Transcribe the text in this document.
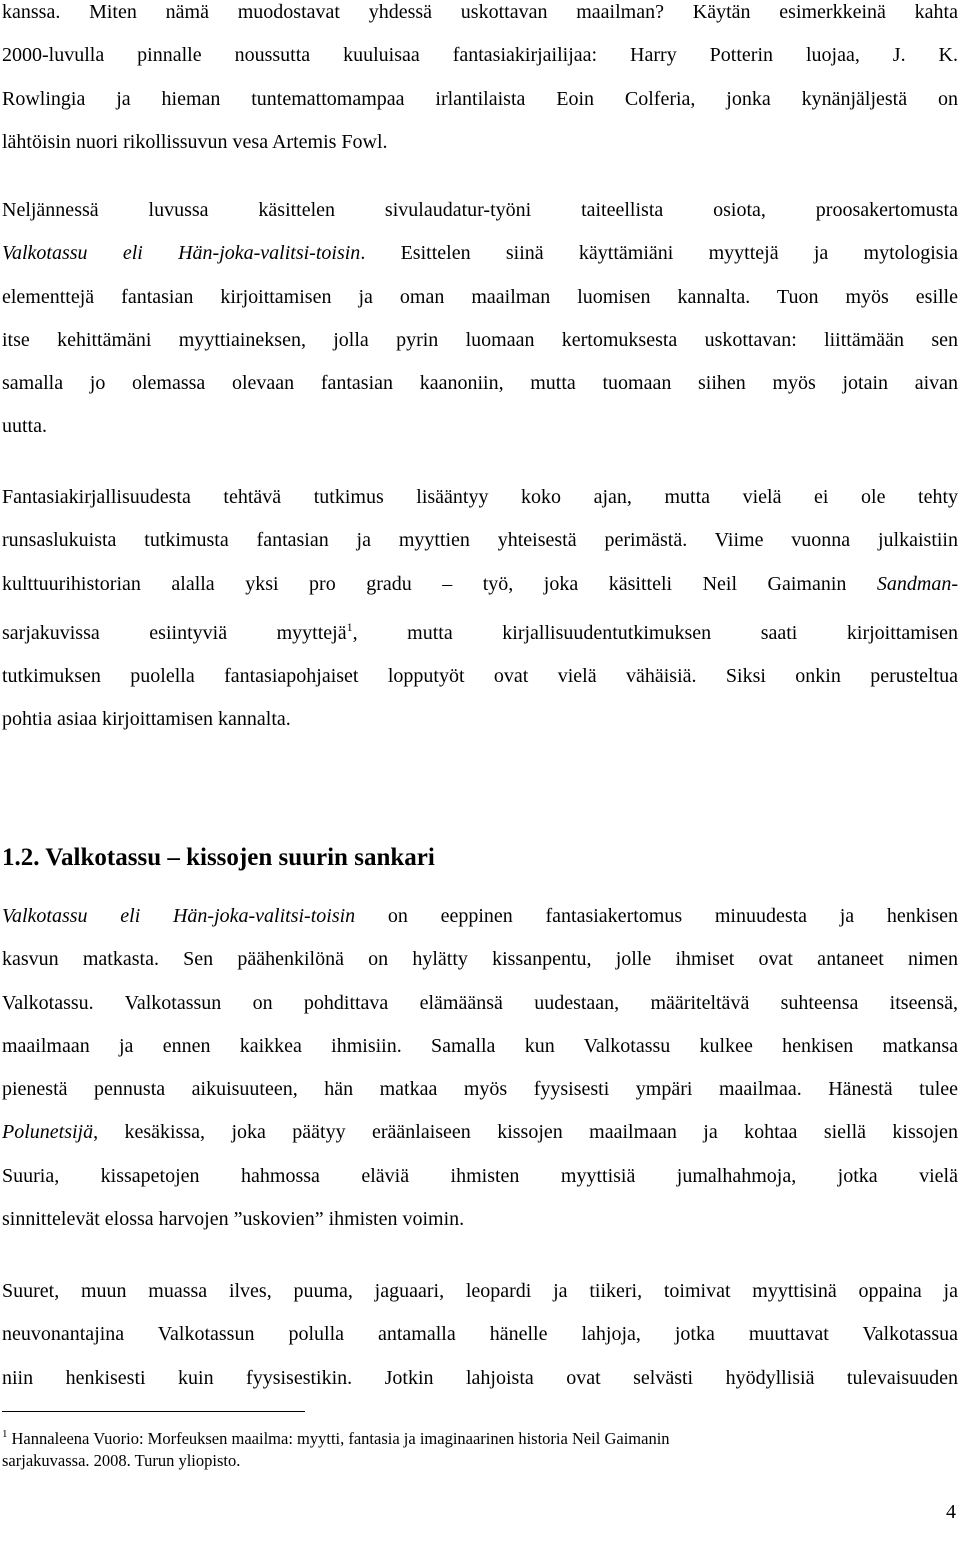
kanssa. Miten nämä muodostavat yhdessä uskottavan maailman? Käytän esimerkkeinä kahta
2000-luvulla pinnalle noussutta kuuluisaa fantasiakirjailijaa: Harry Potterin luojaa, J. K.
Rowlingia ja hieman tuntemattomampaa irlantilaista Eoin Colferia, jonka kynänjäljestä on
lähtöisin nuori rikollissuvun vesa Artemis Fowl.

Neljännessä luvussa käsittelen sivulaudatur-työni taiteellista osiota, proosakertomusta
Valkotassu eli Hän-joka-valitsi-toisin. Esittelen siinä käyttämiäni myyttejä ja mytologisia
elementtejä fantasian kirjoittamisen ja oman maailman luomisen kannalta. Tuon myös esille
itse kehittämäni myyttiaineksen, jolla pyrin luomaan kertomuksesta uskottavan: liittämään sen
samalla jo olemassa olevaan fantasian kaanoniin, mutta tuomaan siihen myös jotain aivan
uutta.

Fantasiakirjallisuudesta tehtävä tutkimus lisääntyy koko ajan, mutta vielä ei ole tehty
runsaslukuista tutkimusta fantasian ja myyttien yhteisestä perimästä. Viime vuonna julkaistiin
kulttuurihistorian alalla yksi pro gradu – työ, joka käsitteli Neil Gaimanin Sandman-
sarjakuvissa esiintyviä myyttejä$^1$, mutta kirjallisuudentutkimuksen saati kirjoittamisen
tutkimuksen puolella fantasiapohjaiset lopputyöt ovat vielä vähäisiä. Siksi onkin perusteltua
pohtia asiaa kirjoittamisen kannalta.

1.2. Valkotassu – kissojen suurin sankari

Valkotassu eli Hän-joka-valitsi-toisin on eeppinen fantasiakertomus minuudesta ja henkisen
kasvun matkasta. Sen päähenkilönä on hylätty kissanpentu, jolle ihmiset ovat antaneet nimen
Valkotassu. Valkotassun on pohdittava elämäänsä uudestaan, määriteltävä suhteensa itseensä,
maailmaan ja ennen kaikkea ihmisiin. Samalla kun Valkotassu kulkee henkisen matkansa
pienestä pennusta aikuisuuteen, hän matkaa myös fyysisesti ympäri maailmaa. Hänestä tulee
Polunetsijä, kesäkissa, joka päätyy eräänlaiseen kissojen maailmaan ja kohtaa siellä kissojen
Suuria, kissapetojen hahmossa eläviä ihmisten myyttisiä jumalhahmoja, jotka vielä
sinnittelevät elossa harvojen ”uskovien” ihmisten voimin.

Suuret, muun muassa ilves, puuma, jaguaari, leopardi ja tiikeri, toimivat myyttisinä oppaina ja
neuvonantajina Valkotassun polulla antamalla hänelle lahjoja, jotka muuttavat Valkotassua
niin henkisesti kuin fyysisestikin. Jotkin lahjoista ovat selvästi hyödyllisiä tulevaisuuden

$^1$ Hannaleena Vuorio: Morfeuksen maailma: myytti, fantasia ja imaginaarinen historia Neil Gaimanin
sarjakuvassa. 2008. Turun yliopisto.

4
